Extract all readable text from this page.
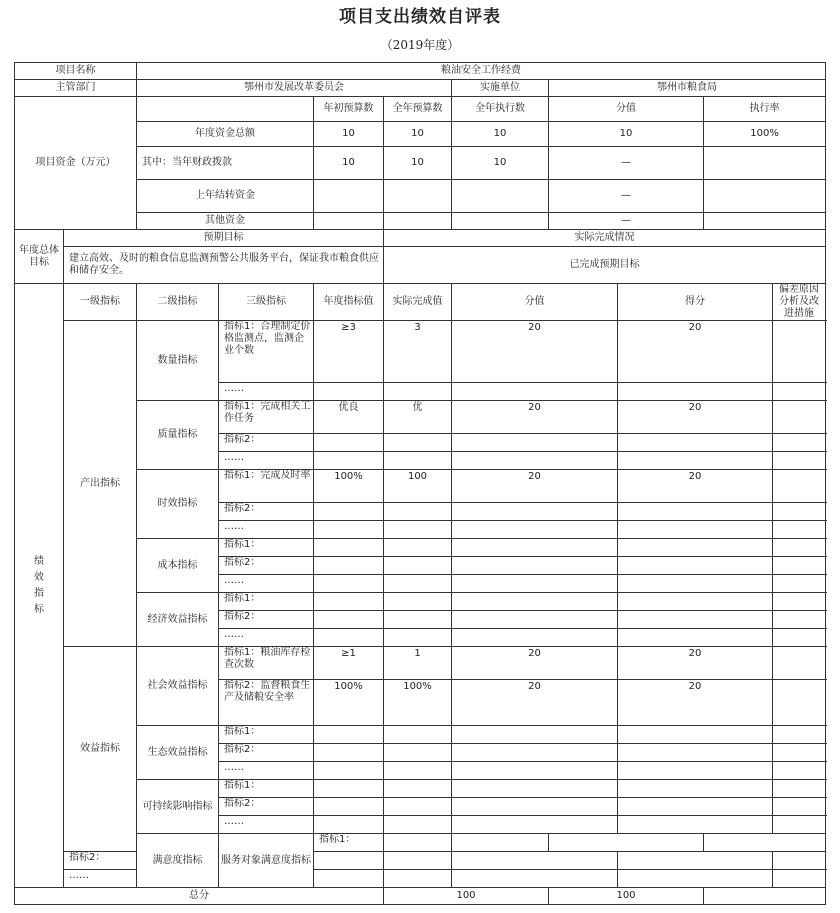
项目支出绩效自评表
（2019年度）
项目名称		粮油安全工作经费									
主管部门		鄂州市发展改革委员会				实施单位	鄂州市粮食局				
项目资金（万元）				年初预算数	全年预算数	全年执行数	分值		执行率	
		年度资金总额		10	10	10	10		100%	
		其中：当年财政拨款		10	10	10	—		
		上年结转资金					—		
		其他资金					—		
年度总体目标	预期目标				实际完成情况						
	建立高效、及时的粮食信息监测预警公共服务平台，保证我市粮食供应和储存安全。				已完成预期目标						
绩效指标	一级指标	二级指标	三级指标	年度指标值	实际完成值	分值		得分		偏差原因分析及改进措施	
	产出指标	数量指标	指标1：合理制定价格监测点，监测企业个数	≥3	3	20		20			
			……								
		质量指标	指标1：完成相关工作任务	优良	优	20		20			
			指标2：								
			……								
		时效指标	指标1：完成及时率	100%	100	20		20			
			指标2：								
			……								
		成本指标	指标1：								
			指标2：								
			……								
		经济效益指标	指标1：								
			指标2：								
			……								
	效益指标	社会效益指标	指标1：粮油库存检查次数	≥1	1	20		20			
			指标2：监督粮食生产及储粮安全率	100%	100%	20		20			
		生态效益指标	指标1：								
			指标2：								
			……								
		可持续影响指标	指标1：								
			指标2：								
			……								
		满意度指标	服务对象满意度指标	指标1：							
	指标2：										
	……										
总分					100		100				
